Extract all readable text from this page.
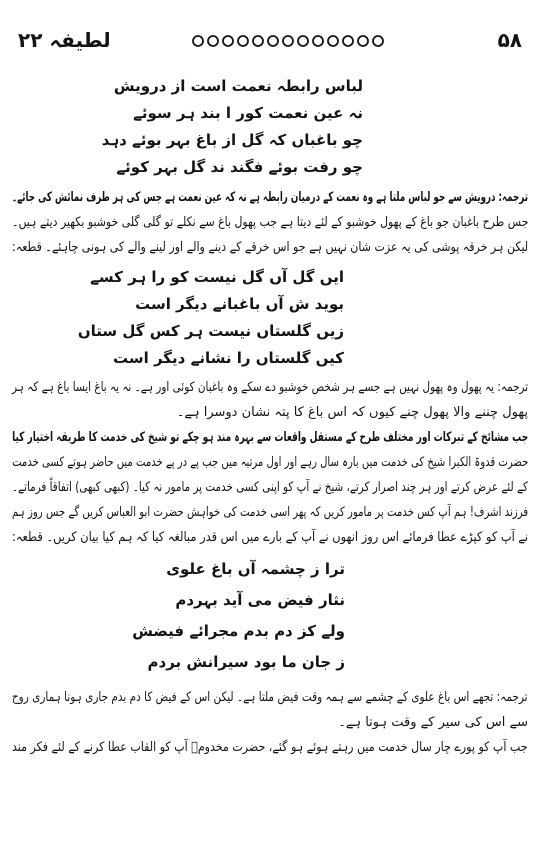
۵۸
لطیفہ ۲۲
لباس رابطہ نعمت است از درویش
نہ عین نعمت کور ا بند ہر سوئے
چو باغباں کہ گل از باغ بہر بوئے دہد
چو رفت بوئے فگند ند گل بہر کوئے
ترجمہ: درویش سے جو لباس ملتا ہے وہ نعمت کے درمیان رابطہ ہے نہ کہ عین نعمت ہے جس کی ہر طرف نمائش کی جائے۔
جس طرح باغبان جو باغ کے پھول خوشبو کے لئے دیتا ہے جب پھول باغ سے نکلے تو گلی گلی خوشبو بکھیر دیتے ہیں۔
لیکن ہر خرقہ پوشی کی یہ عزت شان نہیں ہے جو اس خرقے کے دینے والے اور لینے والے کی ہونی چاہئے۔ قطعہ:
ایں گل آں گل نیست کو را ہر کسے
بوید ش آں باغبانے دیگر است
زیں گلستاں نیست ہر کس گل ستاں
کیں گلستاں را نشانے دیگر است
ترجمہ: یہ پھول وہ پھول نہیں ہے جسے ہر شخص خوشبو دے سکے وہ باغبان کوئی اور ہے۔ نہ یہ باغ ایسا باغ ہے کہ ہر
پھول چننے والا پھول چنے کیوں کہ اس باغ کا پتہ نشان دوسرا ہے۔
جب مشائخ کے تبرکات اور مختلف طرح کے مستقل واقعات سے بہرہ مند ہو چکے تو شیخ کی خدمت کا طریقہ اختیار کیا
حضرت قدوۃ الکبرا شیخ کی خدمت میں بارہ سال رہے اور اول مرتبہ میں جب پے در پے خدمت میں حاضر ہوتے کسی خدمت
کے لئے عرض کرتے اور ہر چند اصرار کرتے، شیخ نے آپ کو اپنی کسی خدمت پر مامور نہ کیا۔ (کبھی کبھی) اتفاقاً فرماتے۔
فرزند اشرف! ہم آپ کس خدمت پر مامور کریں کہ پھر اسی خدمت کی خواہش حضرت ابو العباس کریں گے جس روز ہم
نے آپ کو کپڑے عطا فرمائے اس روز انھوں نے آپ کے بارے میں اس قدر مبالغہ کیا کہ ہم کیا بیان کریں۔ قطعہ:
ترا ز چشمہ آں باغ علوی
نثار فیض می آید بہردم
ولے کز دم بدم مجرائے فیضش
ز جان ما بود سیرانش بردم
ترجمہ: تجھے اس باغ علوی کے چشمے سے ہمہ وقت فیض ملتا ہے۔ لیکن اس کے فیض کا دم بدم جاری ہونا ہماری روح
سے اس کی سیر کے وقت ہوتا ہے۔
جب آپ کو پورے چار سال خدمت میں رہتے ہوئے ہو گئے، حضرت مخدومؒ آپ کو القاب عطا کرنے کے لئے فکر مند
